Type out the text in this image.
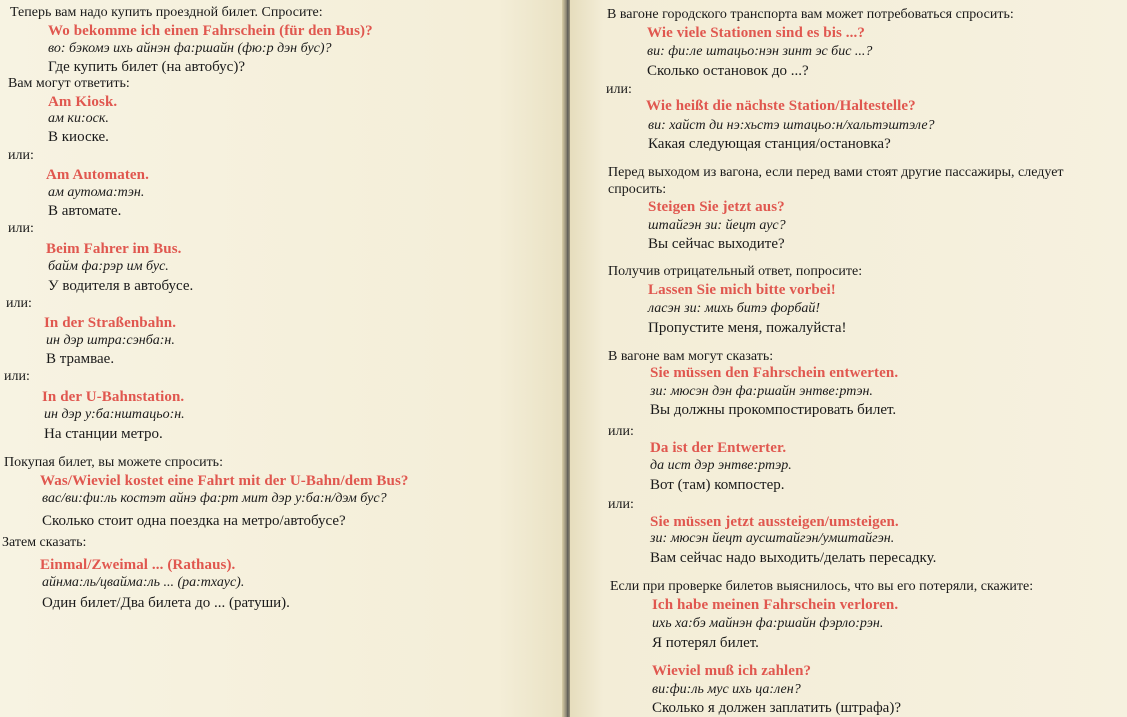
Теперь вам надо купить проездной билет. Спросите:
Wo bekomme ich einen Fahrschein (für den Bus)?
во: бэкомэ ихь айнэн фа:ршайн (фю:р дэн бус)?
Где купить билет (на автобус)?
Вам могут ответить:
Am Kiosk.
ам ки:оск.
В киоске.
или:
Am Automaten.
ам аутома:тэн.
В автомате.
или:
Beim Fahrer im Bus.
байм фа:рэр им бус.
У водителя в автобусе.
или:
In der Straßenbahn.
ин дэр штра:сэнба:н.
В трамвае.
или:
In der U-Bahnstation.
ин дэр у:ба:нштацьо:н.
На станции метро.
Покупая билет, вы можете спросить:
Was/Wieviel kostet eine Fahrt mit der U-Bahn/dem Bus?
вас/ви:фи:ль костэт айнэ фа:рт мит дэр у:ба:н/дэм бус?
Сколько стоит одна поездка на метро/автобусе?
Затем сказать:
Einmal/Zweimal ... (Rathaus).
айнма:ль/цвайма:ль ... (ра:тхаус).
Один билет/Два билета до ... (ратуши).
В вагоне городского транспорта вам может потребоваться спросить:
Wie viele Stationen sind es bis ...?
ви: фи:ле штацьо:нэн зинт эс бис ...?
Сколько остановок до ...?
или:
Wie heißt die nächste Station/Haltestelle?
ви: хайст ди нэ:хьстэ штацьо:н/хальтэштэле?
Какая следующая станция/остановка?
Перед выходом из вагона, если перед вами стоят другие пассажиры, следует
спросить:
Steigen Sie jetzt aus?
штайгэн зи: йецт аус?
Вы сейчас выходите?
Получив отрицательный ответ, попросите:
Lassen Sie mich bitte vorbei!
ласэн зи: михь битэ форбай!
Пропустите меня, пожалуйста!
В вагоне вам могут сказать:
Sie müssen den Fahrschein entwerten.
зи: мюсэн дэн фа:ршайн энтве:ртэн.
Вы должны прокомпостировать билет.
или:
Da ist der Entwerter.
да ист дэр энтве:ртэр.
Вот (там) компостер.
или:
Sie müssen jetzt aussteigen/umsteigen.
зи: мюсэн йецт аусштайгэн/умштайгэн.
Вам сейчас надо выходить/делать пересадку.
Если при проверке билетов выяснилось, что вы его потеряли, скажите:
Ich habe meinen Fahrschein verloren.
ихь ха:бэ майнэн фа:ршайн фэрло:рэн.
Я потерял билет.
Wieviel muß ich zahlen?
ви:фи:ль мус ихь ца:лен?
Сколько я должен заплатить (штрафа)?
